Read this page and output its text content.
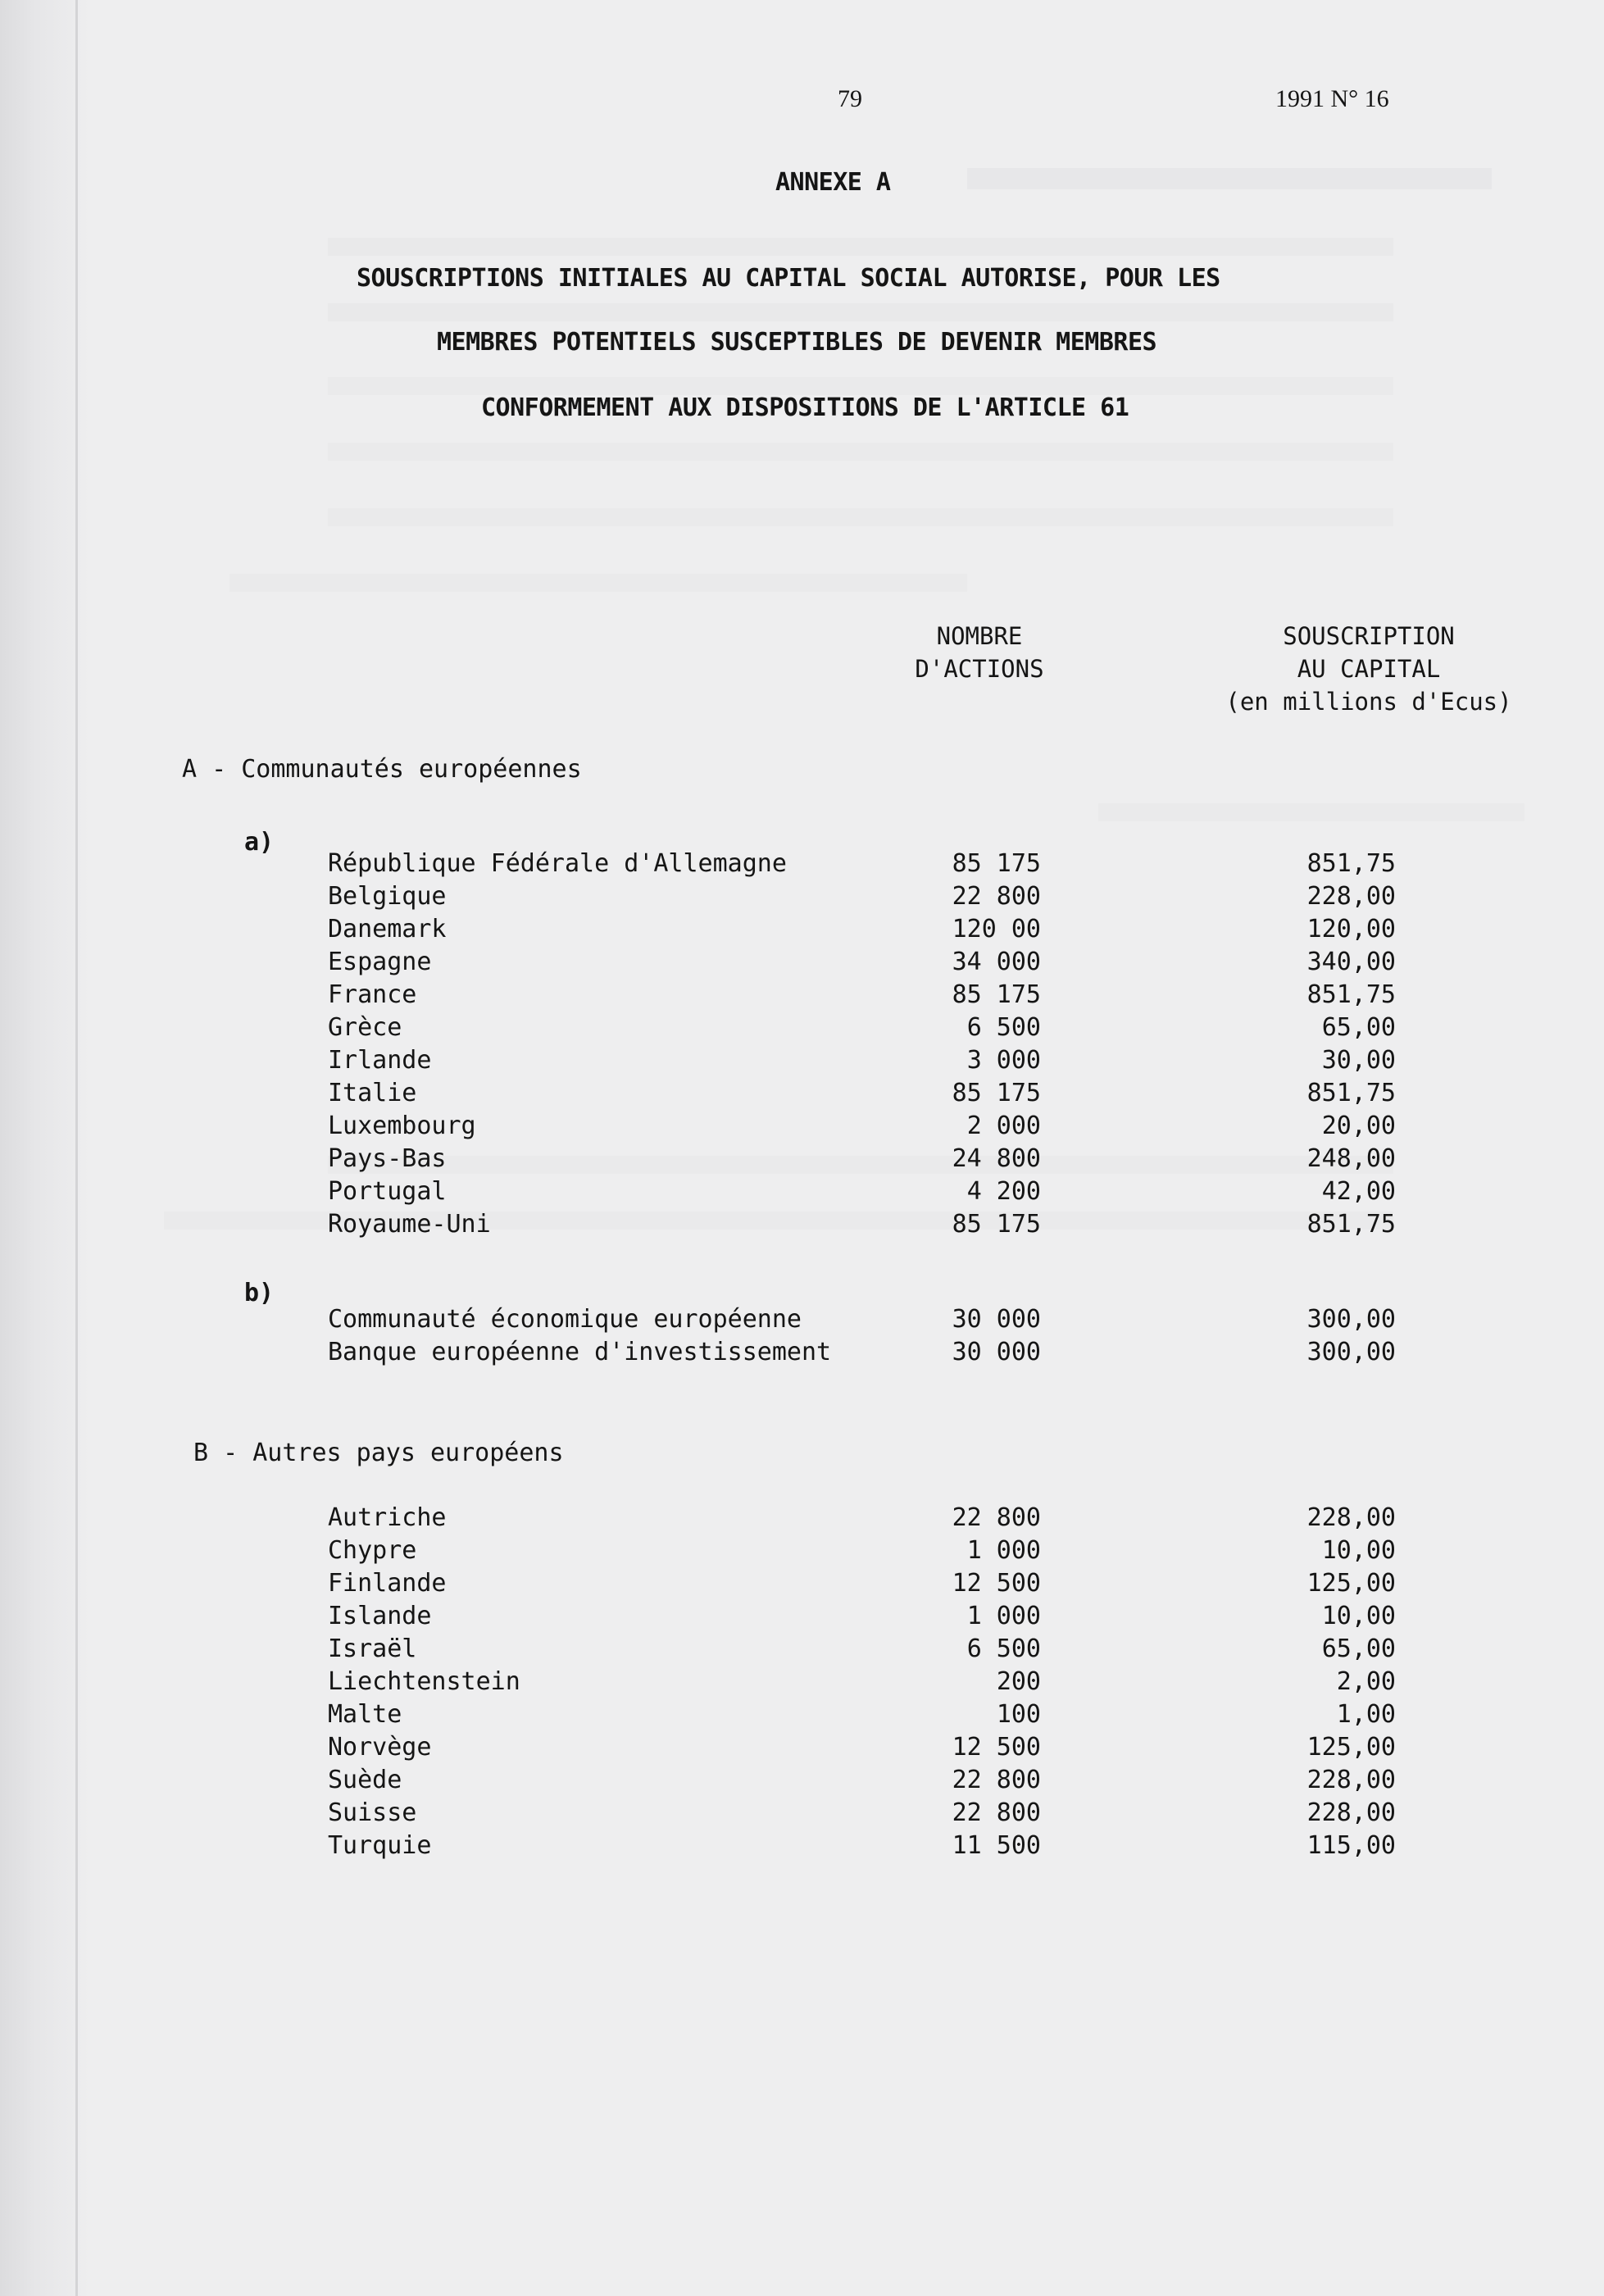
79	1991 N° 16
ANNEXE A
SOUSCRIPTIONS INITIALES AU CAPITAL SOCIAL AUTORISE, POUR LES
MEMBRES POTENTIELS SUSCEPTIBLES DE DEVENIR MEMBRES
CONFORMEMENT AUX DISPOSITIONS DE L'ARTICLE 61
NOMBRE
D'ACTIONS
SOUSCRIPTION
AU CAPITAL
(en millions d'Ecus)
A - Communautés européennes
a)
République Fédérale d'Allemagne	85 175	851,75
Belgique	22 800	228,00
Danemark	120 00	120,00
Espagne	34 000	340,00
France	85 175	851,75
Grèce	6 500	65,00
Irlande	3 000	30,00
Italie	85 175	851,75
Luxembourg	2 000	20,00
Pays-Bas	24 800	248,00
Portugal	4 200	42,00
Royaume-Uni	85 175	851,75
b)
Communauté économique européenne	30 000	300,00
Banque européenne d'investissement	30 000	300,00
B - Autres pays européens
Autriche	22 800	228,00
Chypre	1 000	10,00
Finlande	12 500	125,00
Islande	1 000	10,00
Israël	6 500	65,00
Liechtenstein	200	2,00
Malte	100	1,00
Norvège	12 500	125,00
Suède	22 800	228,00
Suisse	22 800	228,00
Turquie	11 500	115,00
